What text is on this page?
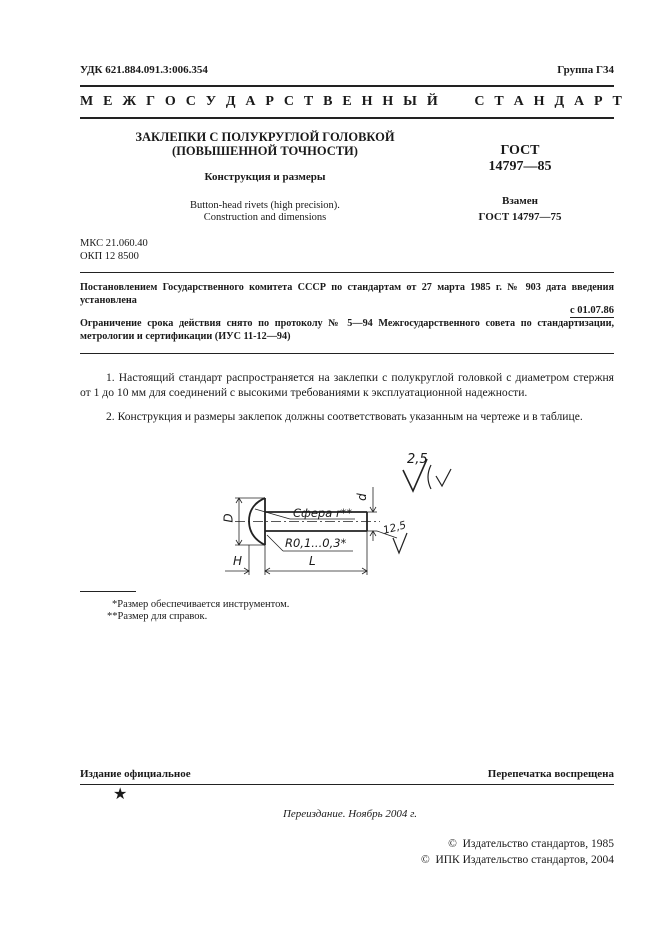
УДК 621.884.091.3:006.354	Группа Г34
М Е Ж Г О С У Д А Р С Т В Е Н Н Ы Й     С Т А Н Д А Р Т
ЗАКЛЕПКИ С ПОЛУКРУГЛОЙ ГОЛОВКОЙ
(ПОВЫШЕННОЙ ТОЧНОСТИ)
Конструкция и размеры
Button-head rivets (high precision).
Construction and dimensions
ГОСТ
14797—85
Взамен
ГОСТ 14797—75
МКС 21.060.40
ОКП 12 8500
Постановлением Государственного комитета СССР по стандартам от 27 марта 1985 г. № 903 дата введения установлена
с 01.07.86
Ограничение срока действия снято по протоколу № 5—94 Межгосударственного совета по стандартизации, метрологии и сертификации (ИУС 11-12—94)
1. Настоящий стандарт распространяется на заклепки с полукруглой головкой с диаметром стержня от 1 до 10 мм для соединений с высокими требованиями к эксплуатационной надежности.
2. Конструкция и размеры заклепок должны соответствовать указанным на чертеже и в таблице.
2,5
Сфера r**
R0,1...0,3*
12,5
D
d
H	L
*Размер обеспечивается инструментом.
**Размер для справок.
Издание официальное	Перепечатка воспрещена
★
Переиздание. Ноябрь 2004 г.
©  Издательство стандартов, 1985
©  ИПК Издательство стандартов, 2004
